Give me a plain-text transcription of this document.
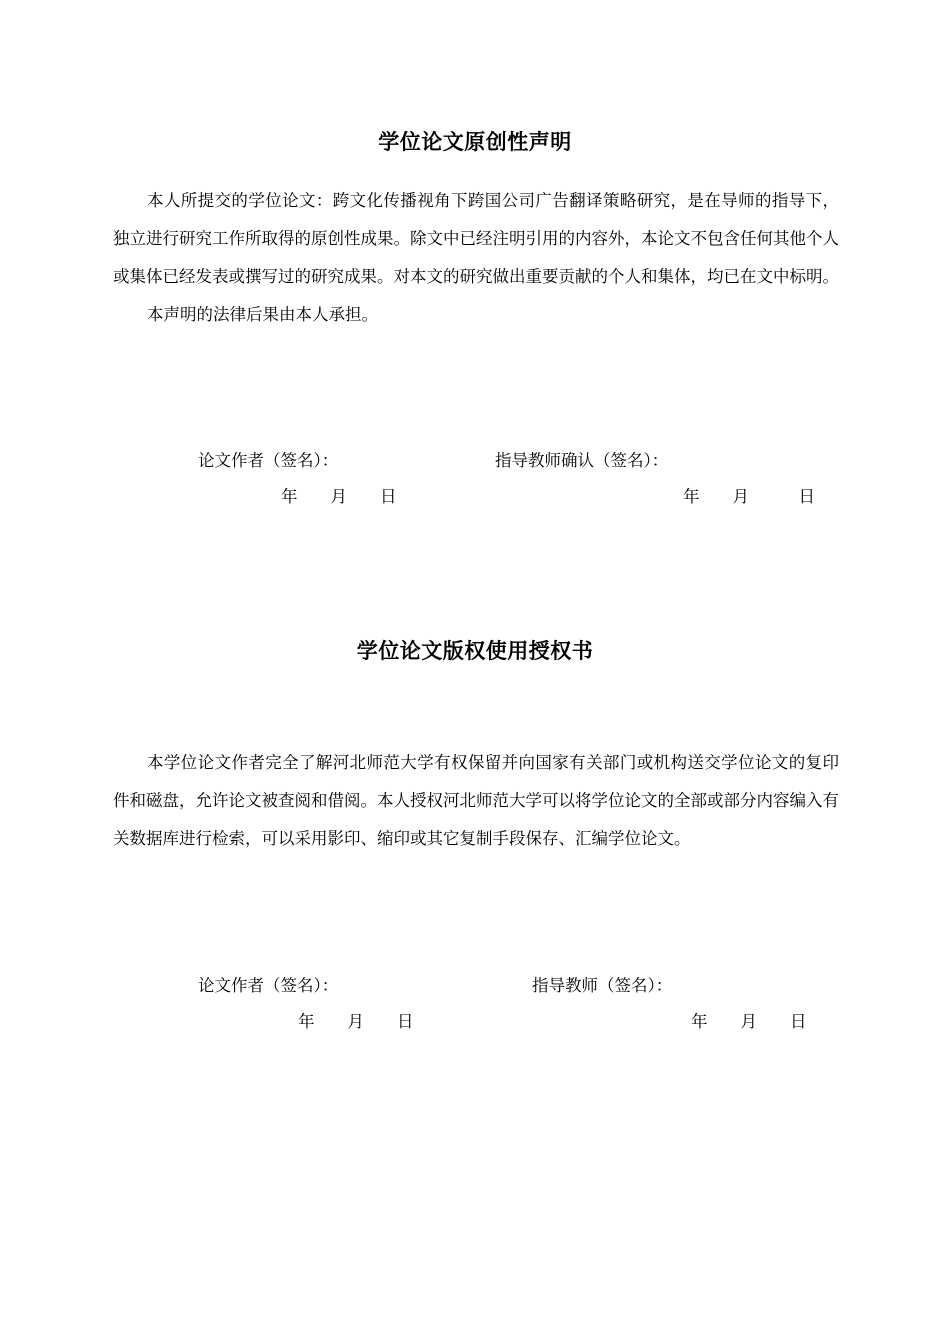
学位论文原创性声明

本人所提交的学位论文：跨文化传播视角下跨国公司广告翻译策略研究，是在导师的指导下，独立进行研究工作所取得的原创性成果。除文中已经注明引用的内容外，本论文不包含任何其他个人或集体已经发表或撰写过的研究成果。对本文的研究做出重要贡献的个人和集体，均已在文中标明。

本声明的法律后果由本人承担。

论文作者（签名）：	指导教师确认（签名）：
年　　月　　日	年　　月　　　日
学位论文版权使用授权书

本学位论文作者完全了解河北师范大学有权保留并向国家有关部门或机构送交学位论文的复印件和磁盘，允许论文被查阅和借阅。本人授权河北师范大学可以将学位论文的全部或部分内容编入有关数据库进行检索，可以采用影印、缩印或其它复制手段保存、汇编学位论文。

论文作者（签名）：	指导教师（签名）：
年　　月　　日	年　　月　　日
